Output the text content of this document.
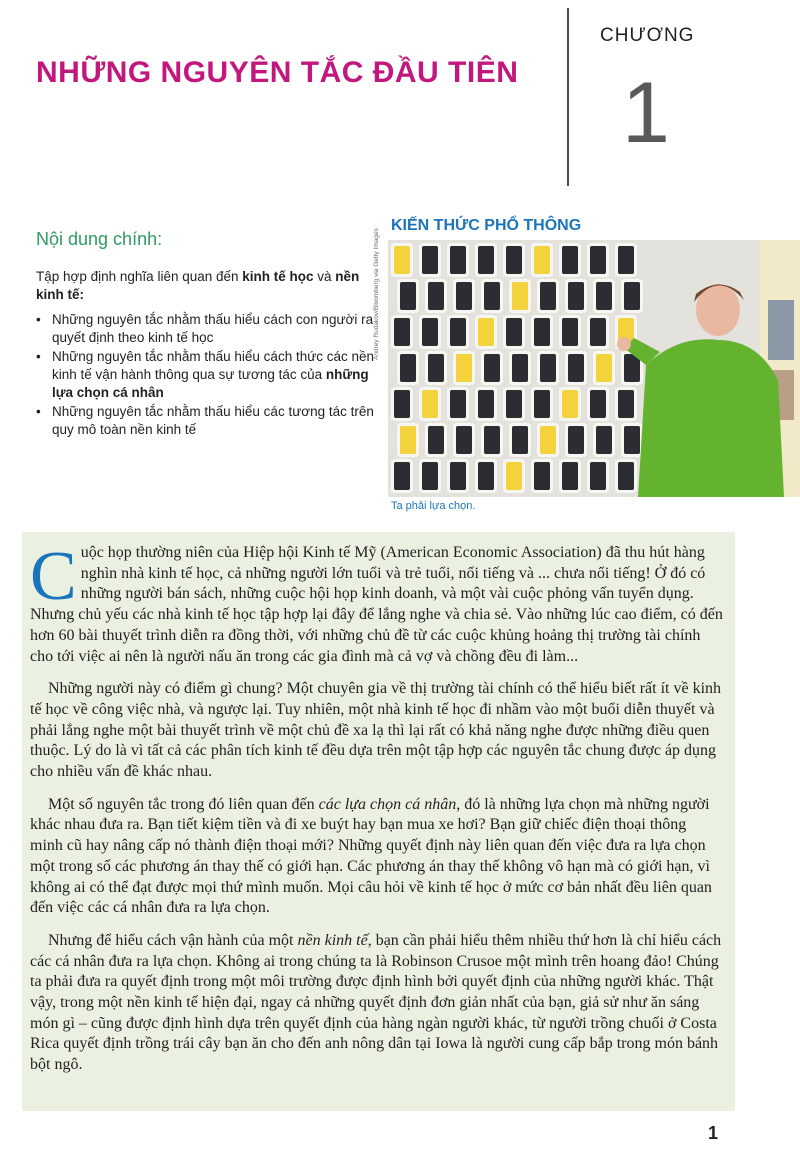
NHỮNG NGUYÊN TẮC ĐẦU TIÊN
CHƯƠNG
1
Nội dung chính:

Tập hợp định nghĩa liên quan đến kinh tế học và nền kinh tế:

• Những nguyên tắc nhằm thấu hiểu cách con người ra quyết định theo kinh tế học
• Những nguyên tắc nhằm thấu hiểu cách thức các nền kinh tế vận hành thông qua sự tương tác của những lựa chọn cá nhân
• Những nguyên tắc nhằm thấu hiểu các tương tác trên quy mô toàn nền kinh tế
KIẾN THỨC PHỔ THÔNG
Andrey Rudakov/Bloomberg via Getty Images

Ta phải lựa chọn.

C uộc họp thường niên của Hiệp hội Kinh tế Mỹ (American Economic Association) đã thu hút hàng nghìn nhà kinh tế học, cả những người lớn tuổi và trẻ tuổi, nổi tiếng và ... chưa nổi tiếng! Ở đó có những người bán sách, những cuộc hội họp kinh doanh, và một vài cuộc phỏng vấn tuyển dụng. Nhưng chủ yếu các nhà kinh tế học tập hợp lại đây để lắng nghe và chia sẻ. Vào những lúc cao điểm, có đến hơn 60 bài thuyết trình diễn ra đồng thời, với những chủ đề từ các cuộc khủng hoảng thị trường tài chính cho tới việc ai nên là người nấu ăn trong các gia đình mà cả vợ và chồng đều đi làm...

Những người này có điểm gì chung? Một chuyên gia về thị trường tài chính có thể hiểu biết rất ít về kinh tế học về công việc nhà, và ngược lại. Tuy nhiên, một nhà kinh tế học đi nhầm vào một buổi diễn thuyết và phải lắng nghe một bài thuyết trình về một chủ đề xa lạ thì lại rất có khả năng nghe được những điều quen thuộc. Lý do là vì tất cả các phân tích kinh tế đều dựa trên một tập hợp các nguyên tắc chung được áp dụng cho nhiều vấn đề khác nhau.

Một số nguyên tắc trong đó liên quan đến các lựa chọn cá nhân, đó là những lựa chọn mà những người khác nhau đưa ra. Bạn tiết kiệm tiền và đi xe buýt hay bạn mua xe hơi? Bạn giữ chiếc điện thoại thông minh cũ hay nâng cấp nó thành điện thoại mới? Những quyết định này liên quan đến việc đưa ra lựa chọn một trong số các phương án thay thế có giới hạn. Các phương án thay thế không vô hạn mà có giới hạn, vì không ai có thể đạt được mọi thứ mình muốn. Mọi câu hỏi về kinh tế học ở mức cơ bản nhất đều liên quan đến việc các cá nhân đưa ra lựa chọn.

Nhưng để hiểu cách vận hành của một nền kinh tế, bạn cần phải hiểu thêm nhiều thứ hơn là chỉ hiểu cách các cá nhân đưa ra lựa chọn. Không ai trong chúng ta là Robinson Crusoe một mình trên hoang đảo! Chúng ta phải đưa ra quyết định trong một môi trường được định hình bởi quyết định của những người khác. Thật vậy, trong một nền kinh tế hiện đại, ngay cả những quyết định đơn giản nhất của bạn, giả sử như ăn sáng món gì – cũng được định hình dựa trên quyết định của hàng ngàn người khác, từ người trồng chuối ở Costa Rica quyết định trồng trái cây bạn ăn cho đến anh nông dân tại Iowa là người cung cấp bắp trong món bánh bột ngô.

1
